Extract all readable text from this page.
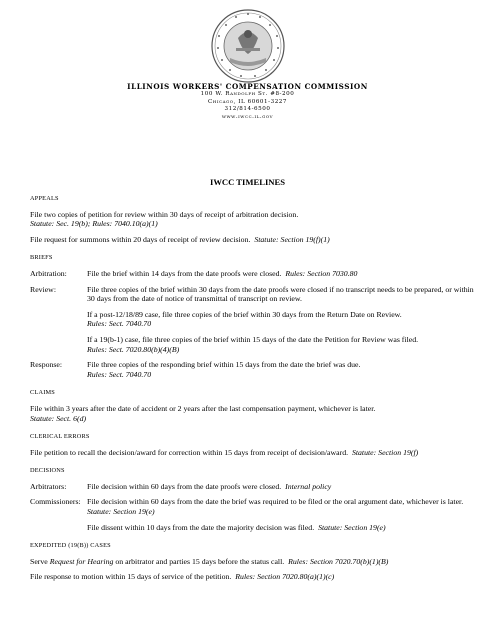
ILLINOIS WORKERS' COMPENSATION COMMISSION
100 W. Randolph St. #8-200
Chicago, IL 60601-3227
312/814-6500
www.iwcc.il.gov
IWCC TIMELINES
APPEALS

File two copies of petition for review within 30 days of receipt of arbitration decision.
Statute: Sec. 19(b); Rules: 7040.10(a)(1)

File request for summons within 20 days of receipt of review decision. Statute: Section 19(f)(1)

BRIEFS
Arbitration:	File the brief within 14 days from the date proofs were closed. Rules: Section 7030.80
Review:	File three copies of the brief within 30 days from the date proofs were closed if no transcript needs to be prepared, or within 30 days from the date of notice of transmittal of transcript on review.

If a post-12/18/89 case, file three copies of the brief within 30 days from the Return Date on Review.
Rules: Sect. 7040.70

If a 19(b-1) case, file three copies of the brief within 15 days of the date the Petition for Review was filed.
Rules: Sect. 7020.80(b)(4)(B)

Response:	File three copies of the responding brief within 15 days from the date the brief was due.
Rules: Sect. 7040.70
CLAIMS

File within 3 years after the date of accident or 2 years after the last compensation payment, whichever is later.
Statute: Sect. 6(d)

CLERICAL ERRORS

File petition to recall the decision/award for correction within 15 days from receipt of decision/award. Statute: Section 19(f)

DECISIONS
Arbitrators:	File decision within 60 days from the date proofs were closed. Internal policy
Commissioners: File decision within 60 days from the date the brief was required to be filed or the oral argument date, whichever is later.  Statute: Section 19(e)

File dissent within 10 days from the date the majority decision was filed. Statute: Section 19(e)

EXPEDITED (19(B)) CASES

Serve Request for Hearing on arbitrator and parties 15 days before the status call. Rules: Section 7020.70(b)(1)(B)

File response to motion within 15 days of service of the petition. Rules: Section 7020.80(a)(1)(c)
